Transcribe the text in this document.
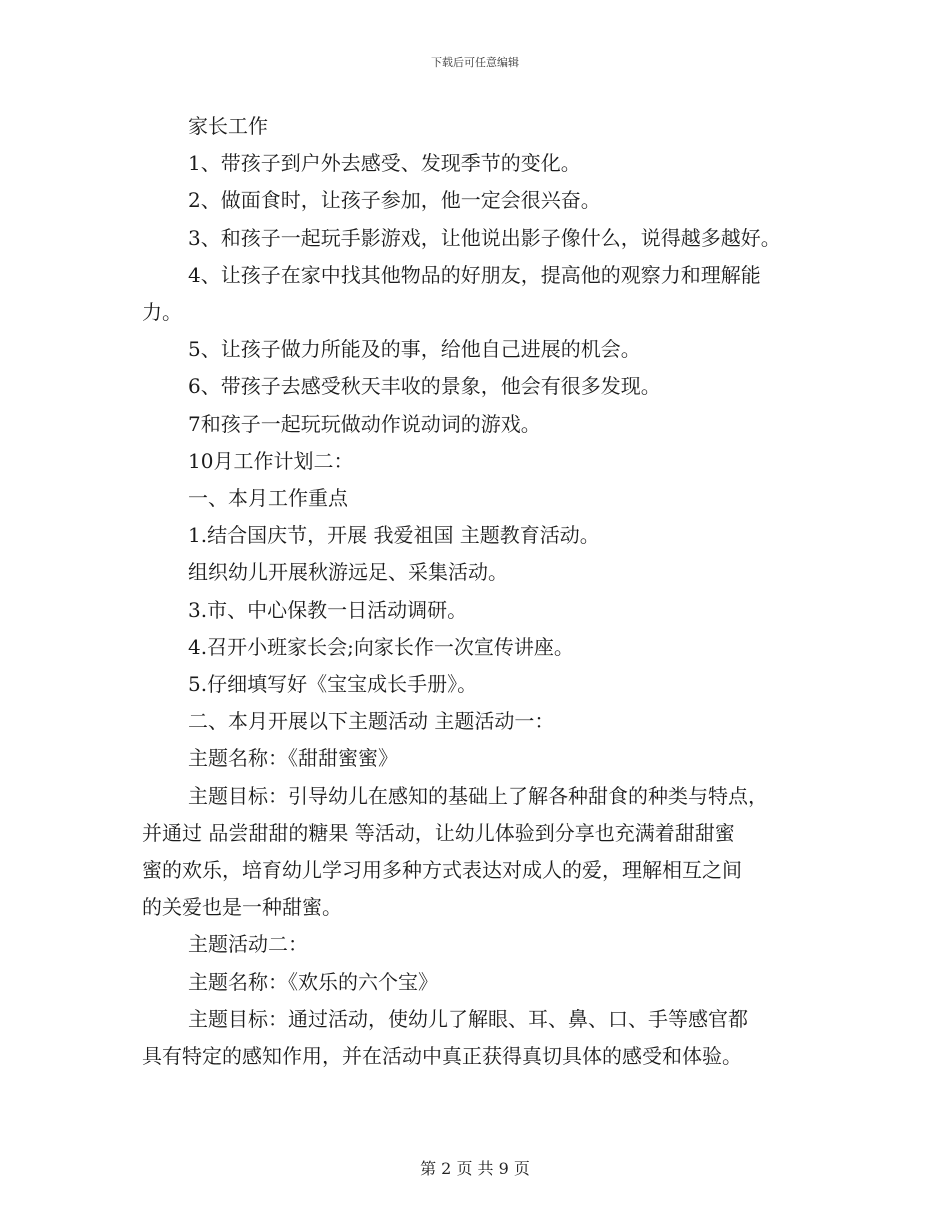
下载后可任意编辑

家长工作

1、带孩子到户外去感受、发现季节的变化。

2、做面食时，让孩子参加，他一定会很兴奋。

3、和孩子一起玩手影游戏，让他说出影子像什么，说得越多越好。

4、让孩子在家中找其他物品的好朋友，提高他的观察力和理解能

力。

5、让孩子做力所能及的事，给他自己进展的机会。

6、带孩子去感受秋天丰收的景象，他会有很多发现。

7和孩子一起玩玩做动作说动词的游戏。

10月工作计划二：

一、本月工作重点

1.结合国庆节，开展 我爱祖国 主题教育活动。

组织幼儿开展秋游远足、采集活动。

3.市、中心保教一日活动调研。

4.召开小班家长会;向家长作一次宣传讲座。

5.仔细填写好《宝宝成长手册》。

二、本月开展以下主题活动 主题活动一：

主题名称：《甜甜蜜蜜》

主题目标：引导幼儿在感知的基础上了解各种甜食的种类与特点，

并通过 品尝甜甜的糖果 等活动，让幼儿体验到分享也充满着甜甜蜜

蜜的欢乐，培育幼儿学习用多种方式表达对成人的爱，理解相互之间

的关爱也是一种甜蜜。

主题活动二：

主题名称：《欢乐的六个宝》

主题目标：通过活动，使幼儿了解眼、耳、鼻、口、手等感官都

具有特定的感知作用，并在活动中真正获得真切具体的感受和体验。

第 2 页 共 9 页
